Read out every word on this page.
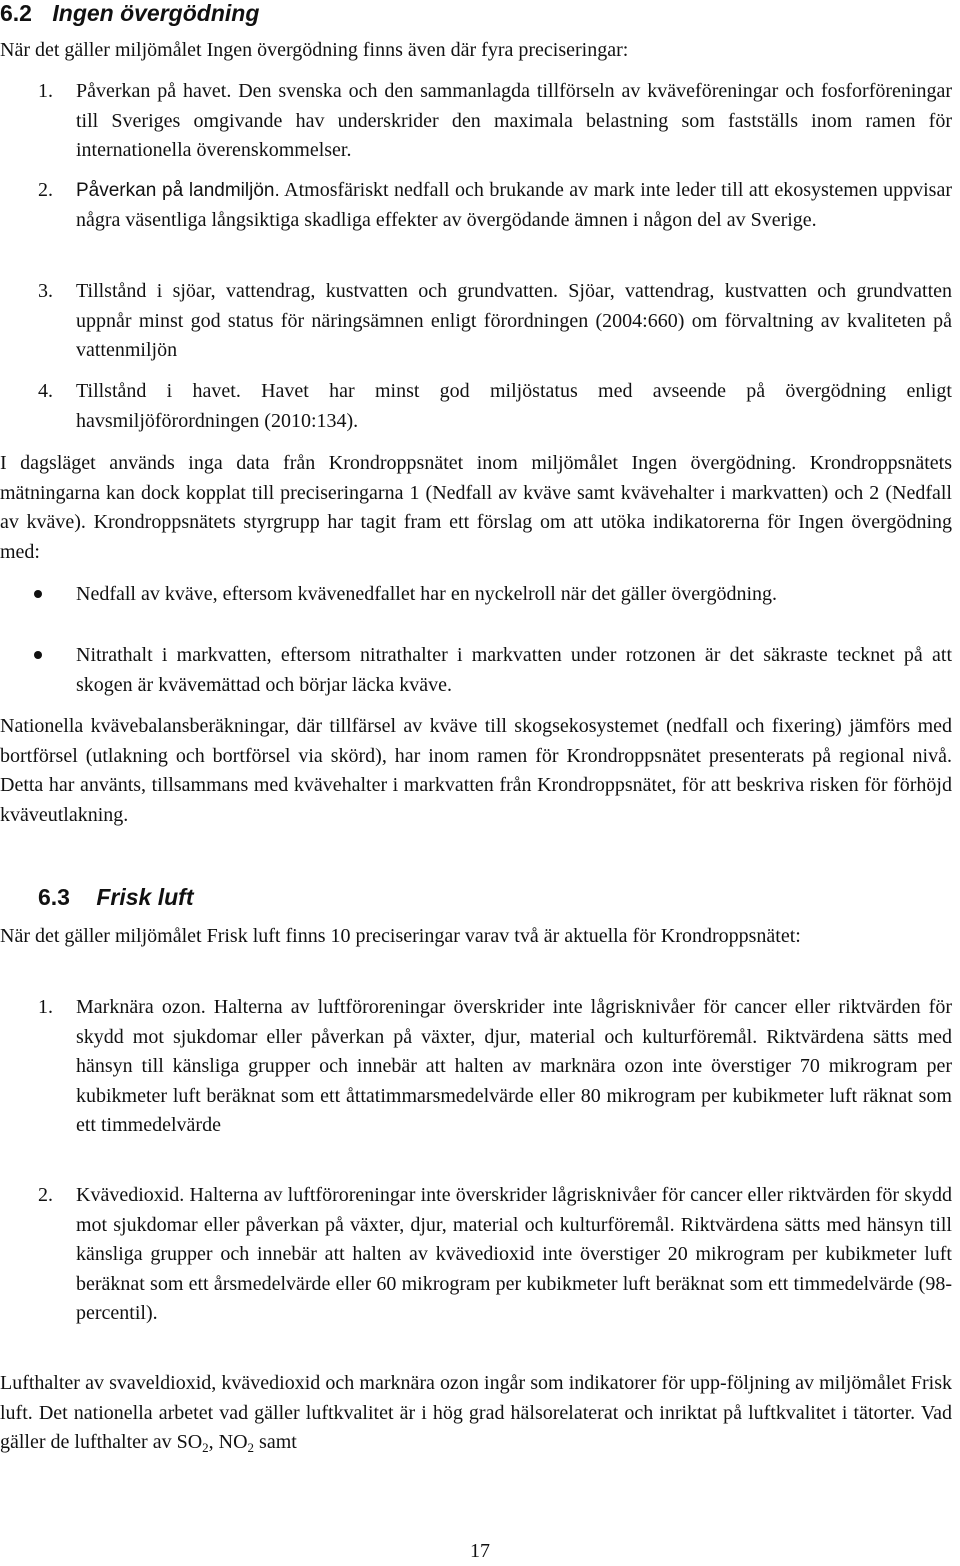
6.2 Ingen övergödning
När det gäller miljömålet Ingen övergödning finns även där fyra preciseringar:
1. Påverkan på havet. Den svenska och den sammanlagda tillförseln av kväveföreningar och fosforföreningar till Sveriges omgivande hav underskrider den maximala belastning som fastställs inom ramen för internationella överenskommelser.
2. Påverkan på landmiljön. Atmosfäriskt nedfall och brukande av mark inte leder till att ekosystemen uppvisar några väsentliga långsiktiga skadliga effekter av övergödande ämnen i någon del av Sverige.
3. Tillstånd i sjöar, vattendrag, kustvatten och grundvatten. Sjöar, vattendrag, kustvatten och grundvatten uppnår minst god status för näringsämnen enligt förordningen (2004:660) om förvaltning av kvaliteten på vattenmiljön
4. Tillstånd i havet. Havet har minst god miljöstatus med avseende på övergödning enligt havsmiljöförordningen (2010:134).
I dagsläget används inga data från Krondroppsnätet inom miljömålet Ingen övergödning. Krondroppsnätets mätningarna kan dock kopplat till preciseringarna 1 (Nedfall av kväve samt kvävehalter i markvatten) och 2 (Nedfall av kväve). Krondroppsnätets styrgrupp har tagit fram ett förslag om att utöka indikatorerna för Ingen övergödning med:
Nedfall av kväve, eftersom kvävenedfallet har en nyckelroll när det gäller övergödning.
Nitrathalt i markvatten, eftersom nitrathalter i markvatten under rotzonen är det säkraste tecknet på att skogen är kvävemättad och börjar läcka kväve.
Nationella kvävebalansberäkningar, där tillfärsel av kväve till skogsekosystemet (nedfall och fixering) jämförs med bortförsel (utlakning och bortförsel via skörd), har inom ramen för Krondroppsnätet presenterats på regional nivå. Detta har använts, tillsammans med kvävehalter i markvatten från Krondroppsnätet, för att beskriva risken för förhöjd kväveutlakning.
6.3 Frisk luft
När det gäller miljömålet Frisk luft finns 10 preciseringar varav två är aktuella för Krondroppsnätet:
1. Marknära ozon. Halterna av luftföroreningar överskrider inte lågrisknivåer för cancer eller riktvärden för skydd mot sjukdomar eller påverkan på växter, djur, material och kulturföremål. Riktvärdena sätts med hänsyn till känsliga grupper och innebär att halten av marknära ozon inte överstiger 70 mikrogram per kubikmeter luft beräknat som ett åttatimmarsmedelvärde eller 80 mikrogram per kubikmeter luft räknat som ett timmedelvärde
2. Kvävedioxid. Halterna av luftföroreningar inte överskrider lågrisknivåer för cancer eller riktvärden för skydd mot sjukdomar eller påverkan på växter, djur, material och kulturföremål. Riktvärdena sätts med hänsyn till känsliga grupper och innebär att halten av kvävedioxid inte överstiger 20 mikrogram per kubikmeter luft beräknat som ett årsmedelvärde eller 60 mikrogram per kubikmeter luft beräknat som ett timmedelvärde (98-percentil).
Lufthalter av svaveldioxid, kvävedioxid och marknära ozon ingår som indikatorer för upp-följning av miljömålet Frisk luft. Det nationella arbetet vad gäller luftkvalitet är i hög grad hälsorelaterat och inriktat på luftkvalitet i tätorter. Vad gäller de lufthalter av $SO_2$, $NO_2$ samt
17
